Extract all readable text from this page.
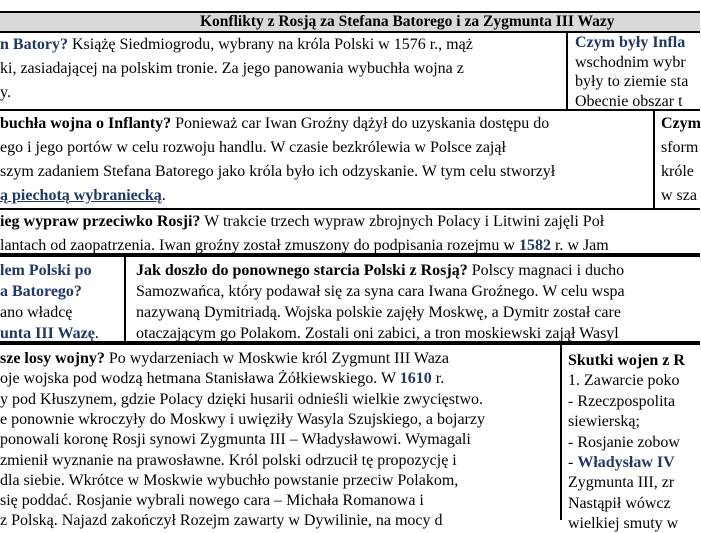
Konflikty z Rosją za Stefana Batorego i za Zygmunta III Wazy
n Batory? Książę Siedmiogrodu, wybrany na króla Polski w 1576 r., mąż
ki, zasiadającej na polskim tronie. Za jego panowania wybuchła wojna z
y.
Czym były Infla
wschodnim wybr
były to ziemie sta
Obecnie obszar t
buchła wojna o Inflanty? Ponieważ car Iwan Groźny dążył do uzyskania dostępu do
ego i jego portów w celu rozwoju handlu. W czasie bezkrólewia w Polsce zajął
szym zadaniem Stefana Batorego jako króla było ich odzyskanie. W tym celu stworzył
ą piechotą wybraniecką.
Czym
sform
króle
w sza
ieg wypraw przeciwko Rosji? W trakcie trzech wypraw zbrojnych Polacy i Litwini zajęli Poł
lantach od zaopatrzenia. Iwan groźny został zmuszony do podpisania rozejmu w 1582 r. w Jam
lem Polski po
a Batorego?
ano władcę
unta III Wazę.
Jak doszło do ponownego starcia Polski z Rosją? Polscy magnaci i ducho
Samozwańca, który podawał się za syna cara Iwana Groźnego. W celu wspa
nazywaną Dymitriadą. Wojska polskie zajęły Moskwę, a Dymitr został care
otaczającym go Polakom. Zostali oni zabici, a tron moskiewski zajął Wasyl
sze losy wojny? Po wydarzeniach w Moskwie król Zygmunt III Waza
oje wojska pod wodzą hetmana Stanisława Żółkiewskiego. W 1610 r.
y pod Kłuszynem, gdzie Polacy dzięki husarii odnieśli wielkie zwycięstwo.
e ponownie wkroczyły do Moskwy i uwięziły Wasyla Szujskiego, a bojarzy
ponowali koronę Rosji synowi Zygmunta III – Władysławowi. Wymagali
zmienił wyznanie na prawosławne. Król polski odrzucił tę propozycję i
dla siebie. Wkrótce w Moskwie wybuchło powstanie przeciw Polakom,
się poddać. Rosjanie wybrali nowego cara – Michała Romanowa i
z Polską. Najazd zakończył Rozejm zawarty w Dywilinie, na mocy d
Skutki wojen z R
1. Zawarcie poko
- Rzeczpospolita
siewierską;
- Rosjanie zobow
- Władysław IV
Zygmunta III, zr
Nastąpił wówcz
wielkiej smuty w
